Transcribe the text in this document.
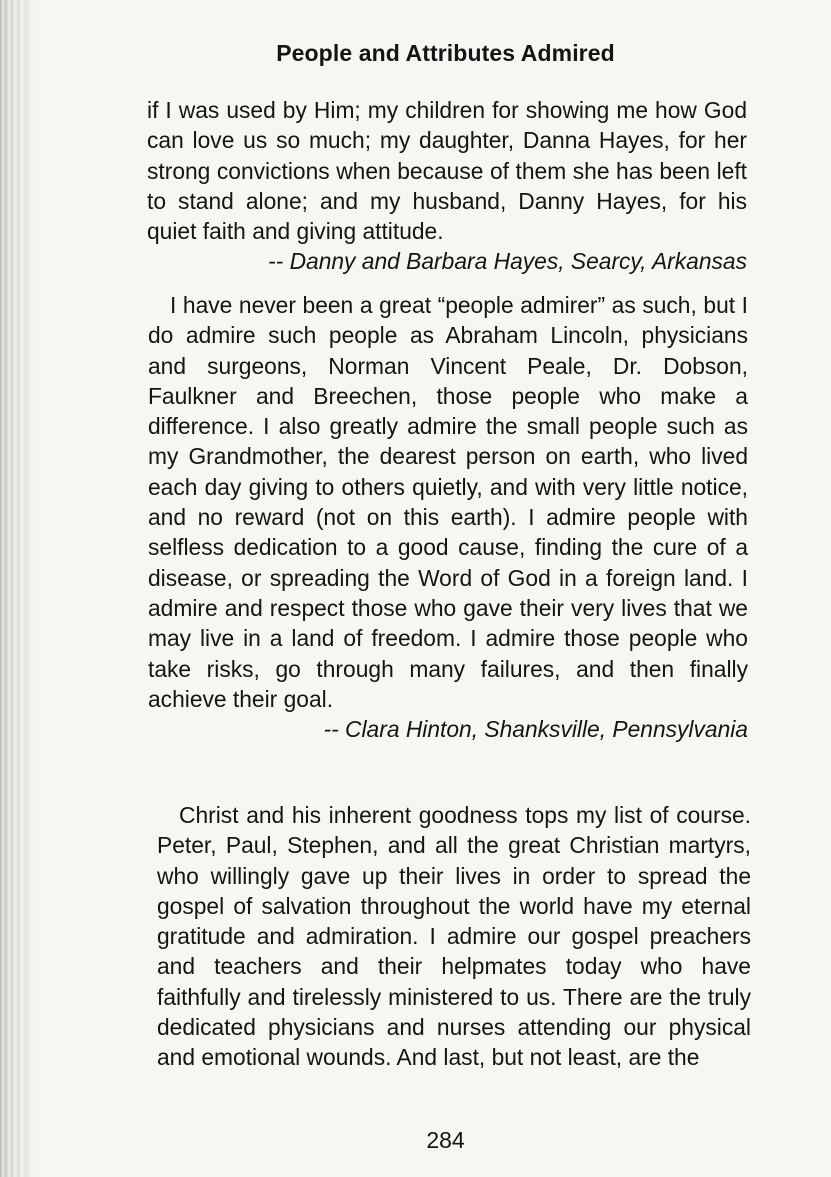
People and Attributes Admired

if I was used by Him; my children for showing me how God can love us so much; my daughter, Danna Hayes, for her strong convictions when because of them she has been left to stand alone; and my husband, Danny Hayes, for his quiet faith and giving attitude.

-- Danny and Barbara Hayes, Searcy, Arkansas

I have never been a great “people admirer” as such, but I do admire such people as Abraham Lincoln, physicians and surgeons, Norman Vincent Peale, Dr. Dobson, Faulkner and Breechen, those people who make a difference. I also greatly admire the small people such as my Grandmother, the dearest person on earth, who lived each day giving to others quietly, and with very little notice, and no reward (not on this earth). I admire people with selfless dedication to a good cause, finding the cure of a disease, or spreading the Word of God in a foreign land. I admire and respect those who gave their very lives that we may live in a land of freedom. I admire those people who take risks, go through many failures, and then finally achieve their goal.

-- Clara Hinton, Shanksville, Pennsylvania

Christ and his inherent goodness tops my list of course. Peter, Paul, Stephen, and all the great Christian martyrs, who willingly gave up their lives in order to spread the gospel of salvation throughout the world have my eternal gratitude and admiration. I admire our gospel preachers and teachers and their helpmates today who have faithfully and tirelessly ministered to us. There are the truly dedicated physicians and nurses attending our physical and emotional wounds. And last, but not least, are the

284
